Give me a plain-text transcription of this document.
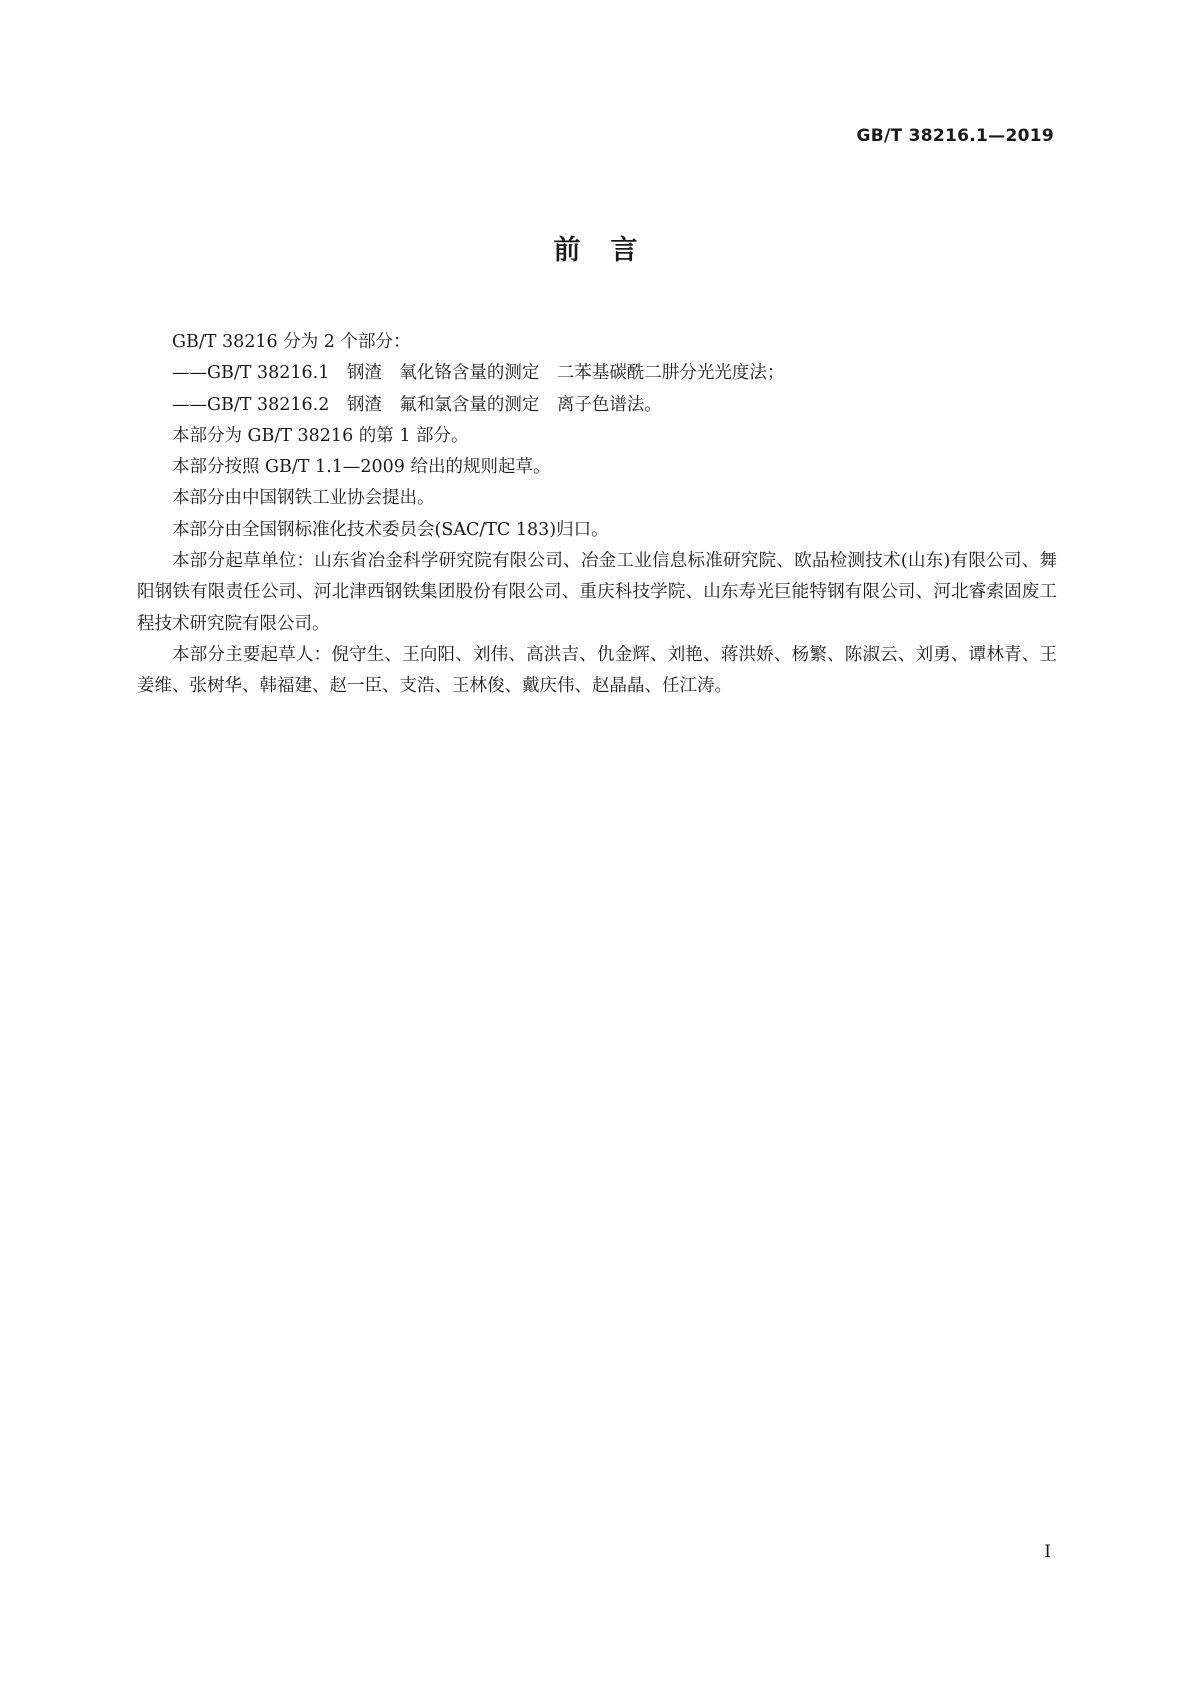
GB/T 38216.1—2019
前言

GB/T 38216 分为 2 个部分：

——GB/T 38216.1　钢渣　氧化铬含量的测定　二苯基碳酰二肼分光光度法；

——GB/T 38216.2　钢渣　氟和氯含量的测定　离子色谱法。

本部分为 GB/T 38216 的第 1 部分。

本部分按照 GB/T 1.1—2009 给出的规则起草。

本部分由中国钢铁工业协会提出。

本部分由全国钢标准化技术委员会(SAC/TC 183)归口。

本部分起草单位：山东省冶金科学研究院有限公司、冶金工业信息标准研究院、欧品检测技术(山东)有限公司、舞阳钢铁有限责任公司、河北津西钢铁集团股份有限公司、重庆科技学院、山东寿光巨能特钢有限公司、河北睿索固废工程技术研究院有限公司。

本部分主要起草人：倪守生、王向阳、刘伟、高洪吉、仇金辉、刘艳、蒋洪娇、杨繁、陈淑云、刘勇、谭林青、王姜维、张树华、韩福建、赵一臣、支浩、王林俊、戴庆伟、赵晶晶、任江涛。

I
